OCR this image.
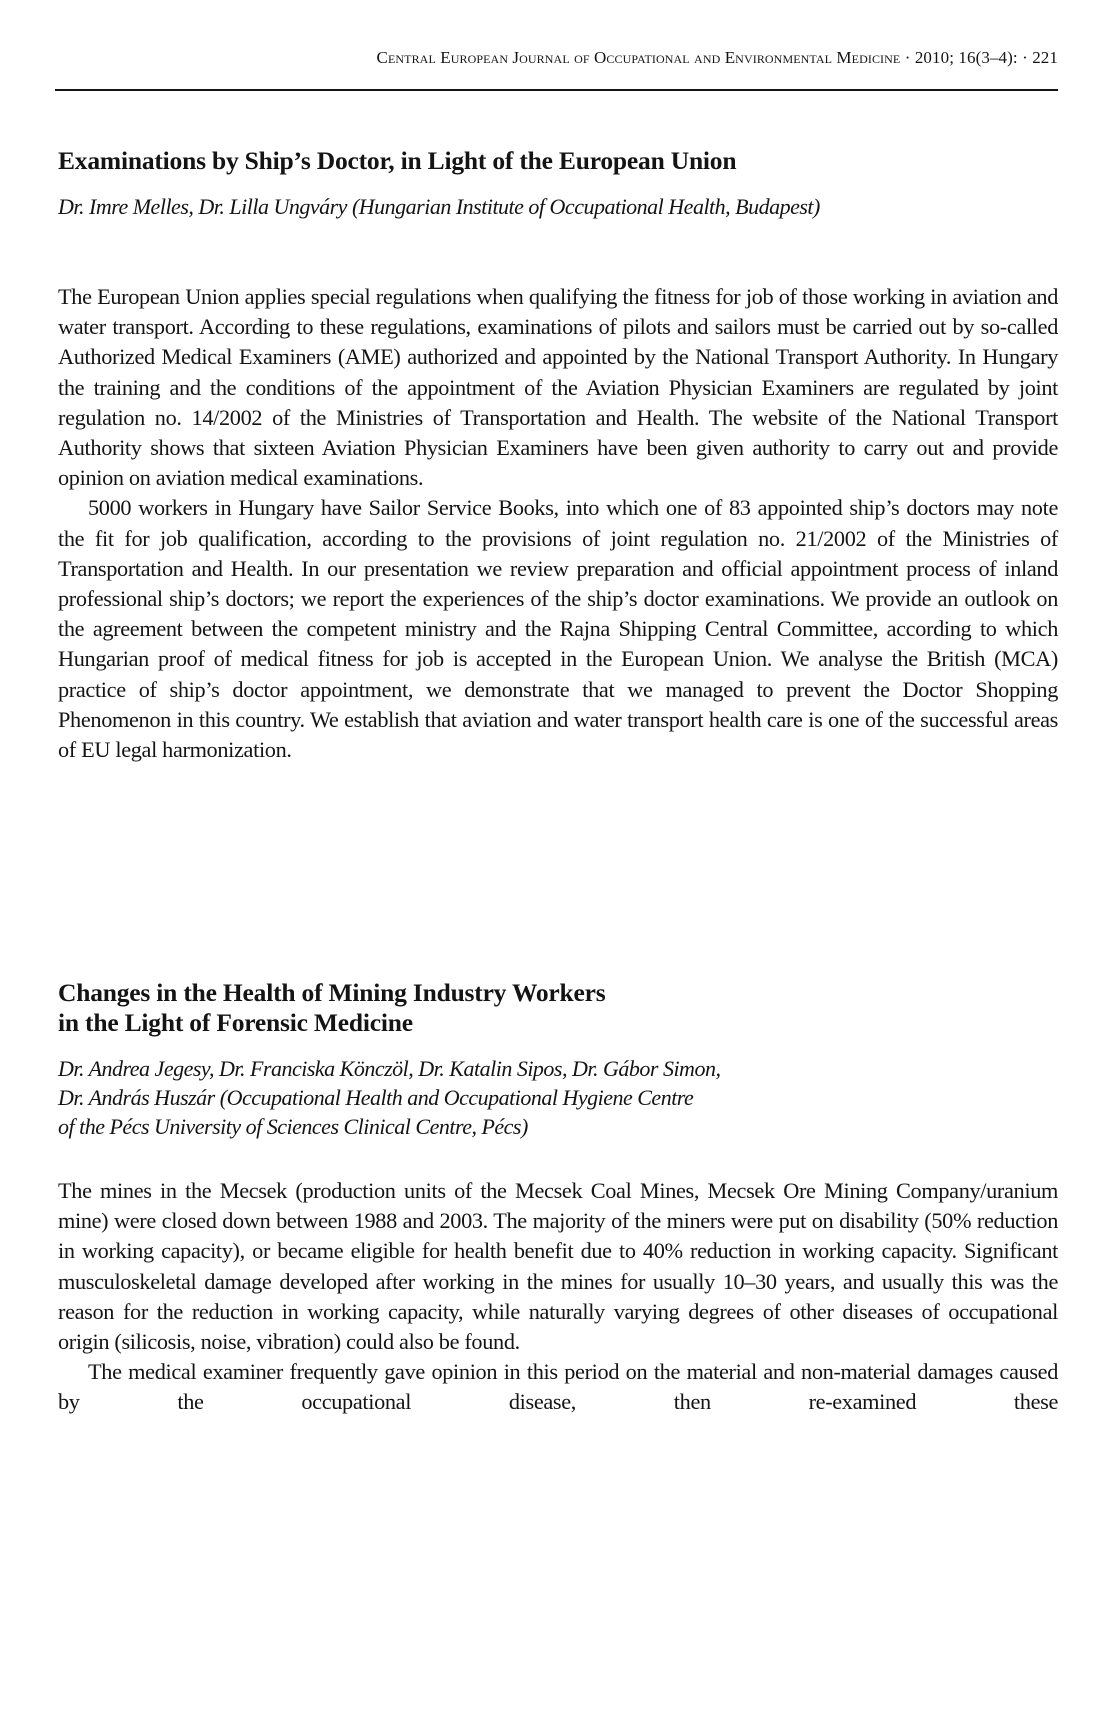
Central European Journal of Occupational and Environmental Medicine · 2010; 16(3–4): · 221
Examinations by Ship’s Doctor, in Light of the European Union

Dr. Imre Melles, Dr. Lilla Ungváry (Hungarian Institute of Occupational Health, Budapest)

The European Union applies special regulations when qualifying the fitness for job of those working in aviation and water transport. According to these regulations, examinations of pilots and sailors must be carried out by so-called Authorized Medical Examiners (AME) authorized and appointed by the National Transport Authority. In Hungary the training and the conditions of the appointment of the Aviation Physician Examiners are regulated by joint regulation no. 14/2002 of the Ministries of Transportation and Health. The website of the National Transport Authority shows that sixteen Aviation Physician Examiners have been given authority to carry out and provide opinion on aviation medical examinations.

5000 workers in Hungary have Sailor Service Books, into which one of 83 appointed ship’s doctors may note the fit for job qualification, according to the provisions of joint regulation no. 21/2002 of the Ministries of Transportation and Health. In our presentation we review preparation and official appointment process of inland professional ship’s doctors; we report the experiences of the ship’s doctor examinations. We provide an outlook on the agreement between the competent ministry and the Rajna Shipping Central Committee, according to which Hungarian proof of medical fitness for job is accepted in the European Union. We analyse the British (MCA) practice of ship’s doctor appointment, we demonstrate that we managed to prevent the Doctor Shopping Phenomenon in this country. We establish that aviation and water transport health care is one of the successful areas of EU legal harmonization.

Changes in the Health of Mining Industry Workers
in the Light of Forensic Medicine
Dr. Andrea Jegesy, Dr. Franciska Könczöl, Dr. Katalin Sipos, Dr. Gábor Simon,
Dr. András Huszár (Occupational Health and Occupational Hygiene Centre
of the Pécs University of Sciences Clinical Centre, Pécs)

The mines in the Mecsek (production units of the Mecsek Coal Mines, Mecsek Ore Mining Company/uranium mine) were closed down between 1988 and 2003. The majority of the miners were put on disability (50% reduction in working capacity), or became eligible for health benefit due to 40% reduction in working capacity. Significant musculoskeletal damage developed after working in the mines for usually 10–30 years, and usually this was the reason for the reduction in working capacity, while naturally varying degrees of other diseases of occupational origin (silicosis, noise, vibration) could also be found.

The medical examiner frequently gave opinion in this period on the material and non-material damages caused by the occupational disease, then re-examined these
